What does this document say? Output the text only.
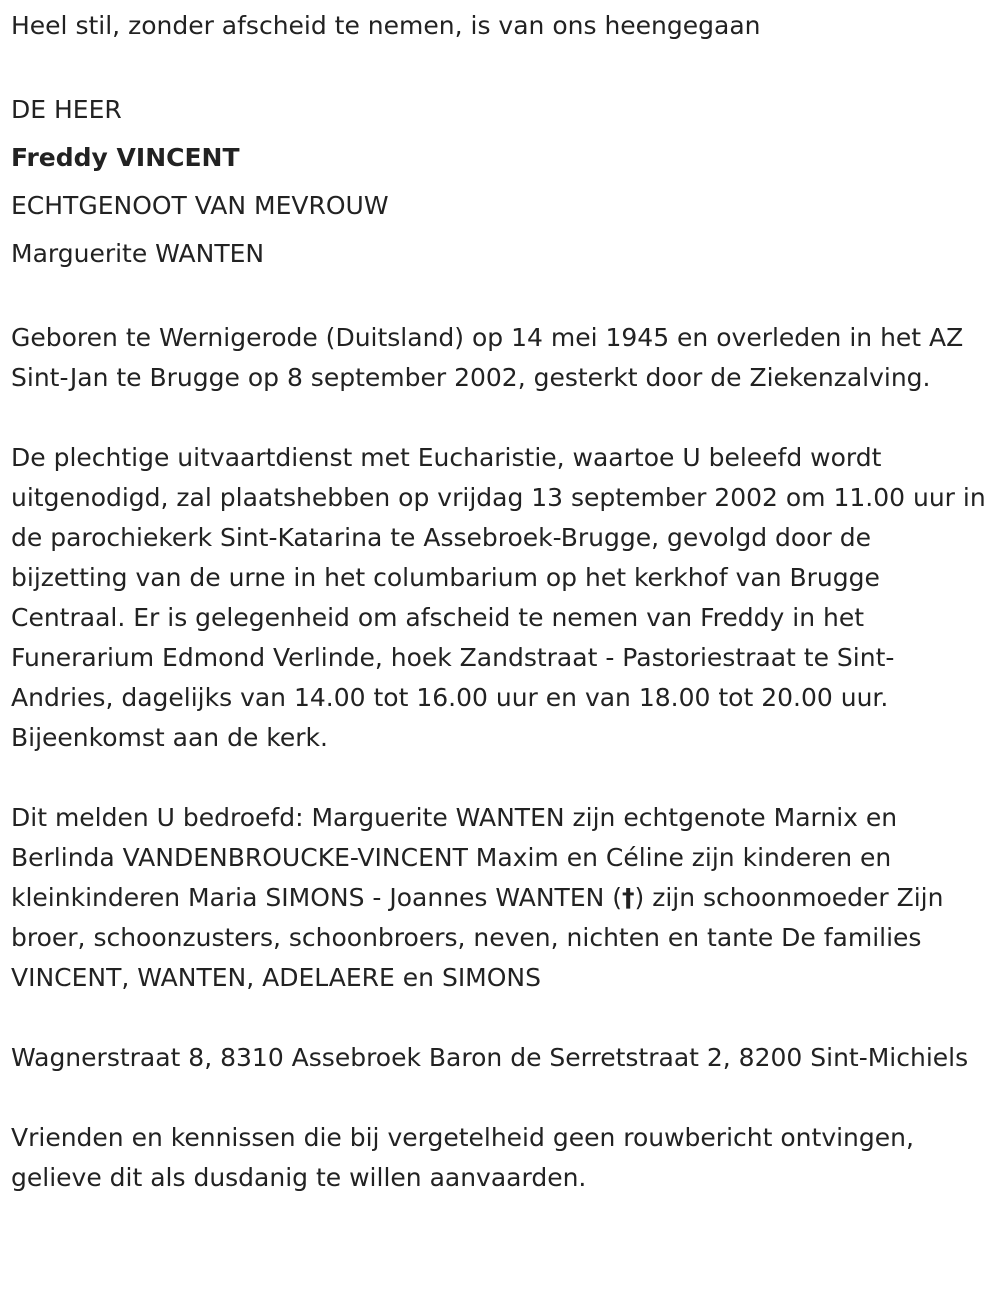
Heel stil, zonder afscheid te nemen, is van ons heengegaan
DE HEER
Freddy VINCENT
ECHTGENOOT VAN MEVROUW
Marguerite WANTEN

Geboren te Wernigerode (Duitsland) op 14 mei 1945 en overleden in het AZ Sint-Jan te Brugge op 8 september 2002, gesterkt door de Ziekenzalving.

De plechtige uitvaartdienst met Eucharistie, waartoe U beleefd wordt uitgenodigd, zal plaatshebben op vrijdag 13 september 2002 om 11.00 uur in de parochiekerk Sint-Katarina te Assebroek-Brugge, gevolgd door de bijzetting van de urne in het columbarium op het kerkhof van Brugge Centraal. Er is gelegenheid om afscheid te nemen van Freddy in het Funerarium Edmond Verlinde, hoek Zandstraat - Pastoriestraat te Sint-Andries, dagelijks van 14.00 tot 16.00 uur en van 18.00 tot 20.00 uur. Bijeenkomst aan de kerk.

Dit melden U bedroefd: Marguerite WANTEN zijn echtgenote Marnix en Berlinda VANDENBROUCKE-VINCENT Maxim en Céline zijn kinderen en kleinkinderen Maria SIMONS - Joannes WANTEN (†) zijn schoonmoeder Zijn broer, schoonzusters, schoonbroers, neven, nichten en tante De families VINCENT, WANTEN, ADELAERE en SIMONS

Wagnerstraat 8, 8310 Assebroek Baron de Serretstraat 2, 8200 Sint-Michiels

Vrienden en kennissen die bij vergetelheid geen rouwbericht ontvingen, gelieve dit als dusdanig te willen aanvaarden.
